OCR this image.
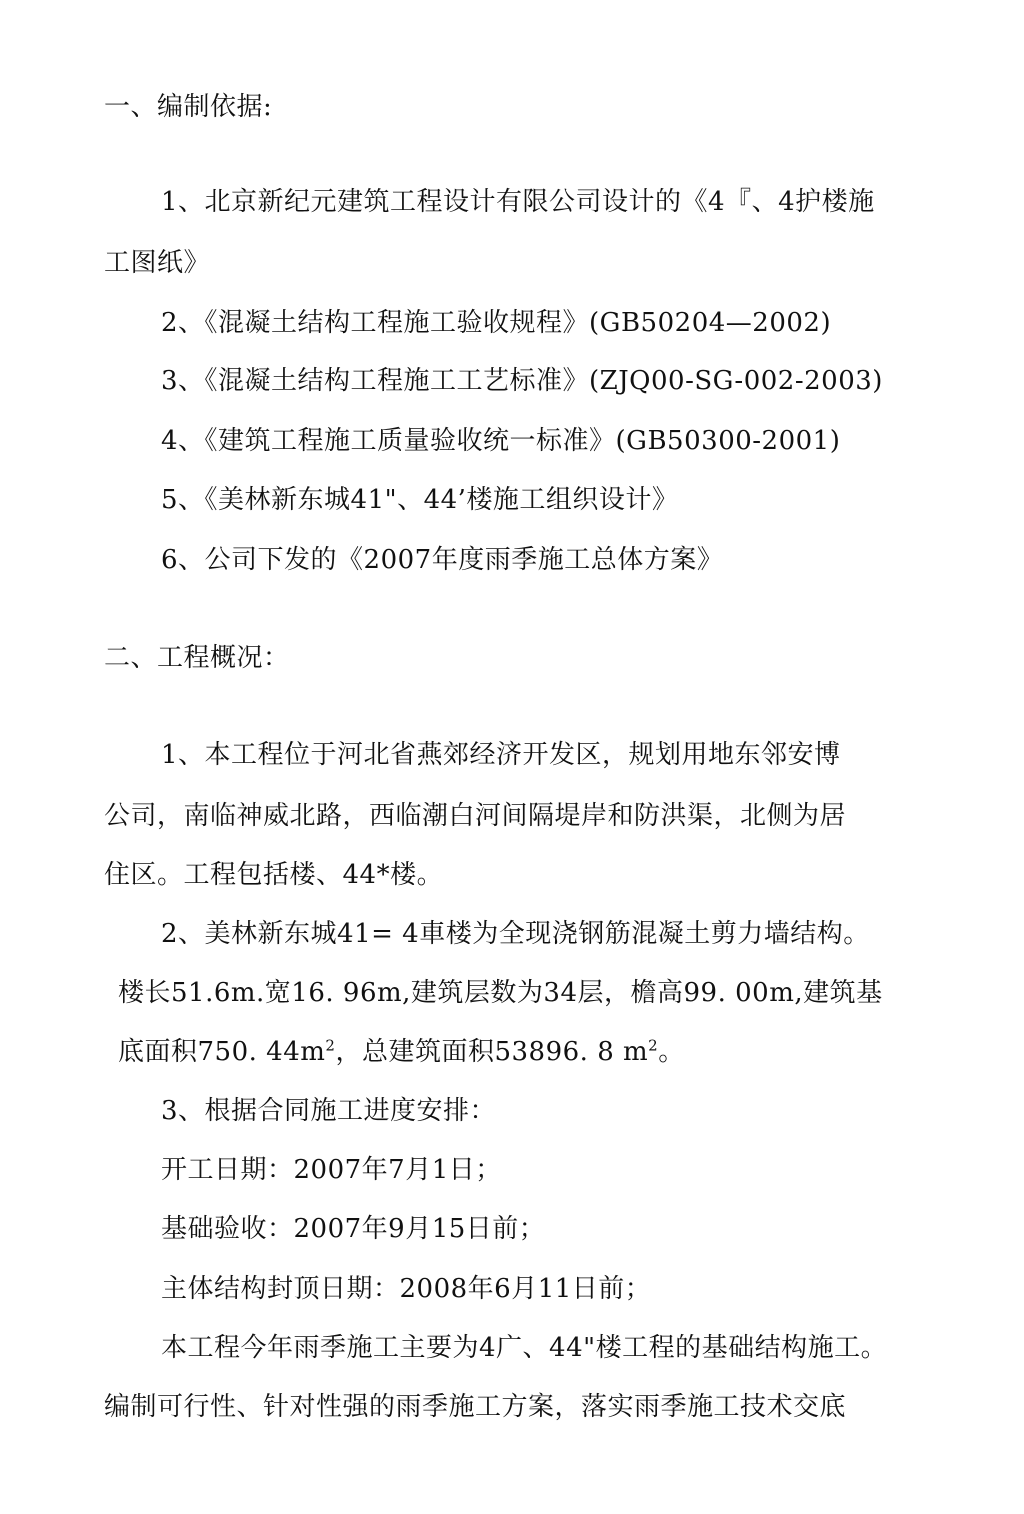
一、编制依据:
1、北京新纪元建筑工程设计有限公司设计的《4『、4护楼施
工图纸》
2、《混凝土结构工程施工验收规程》(GB50204—2002)
3、《混凝土结构工程施工工艺标准》(ZJQ00-SG-002-2003)
4、《建筑工程施工质量验收统一标准》(GB50300-2001)
5、《美林新东城41"、44’楼施工组织设计》
6、公司下发的《2007年度雨季施工总体方案》
二、工程概况：
1、本工程位于河北省燕郊经济开发区，规划用地东邻安博
公司，南临神威北路，西临潮白河间隔堤岸和防洪渠，北侧为居
住区。工程包括楼、44*楼。
2、美林新东城41= 4車楼为全现浇钢筋混凝土剪力墙结构。
楼长51.6m.宽16. 96m,建筑层数为34层，檐高99. 00m,建筑基
底面积750. $44m^2$，总建筑面积53896. 8 $m^2$。
3、根据合同施工进度安排：
开工日期：2007年7月1日；
基础验收：2007年9月15日前；
主体结构封顶日期：2008年6月11日前；
本工程今年雨季施工主要为4广、44"楼工程的基础结构施工。
编制可行性、针对性强的雨季施工方案，落实雨季施工技术交底
